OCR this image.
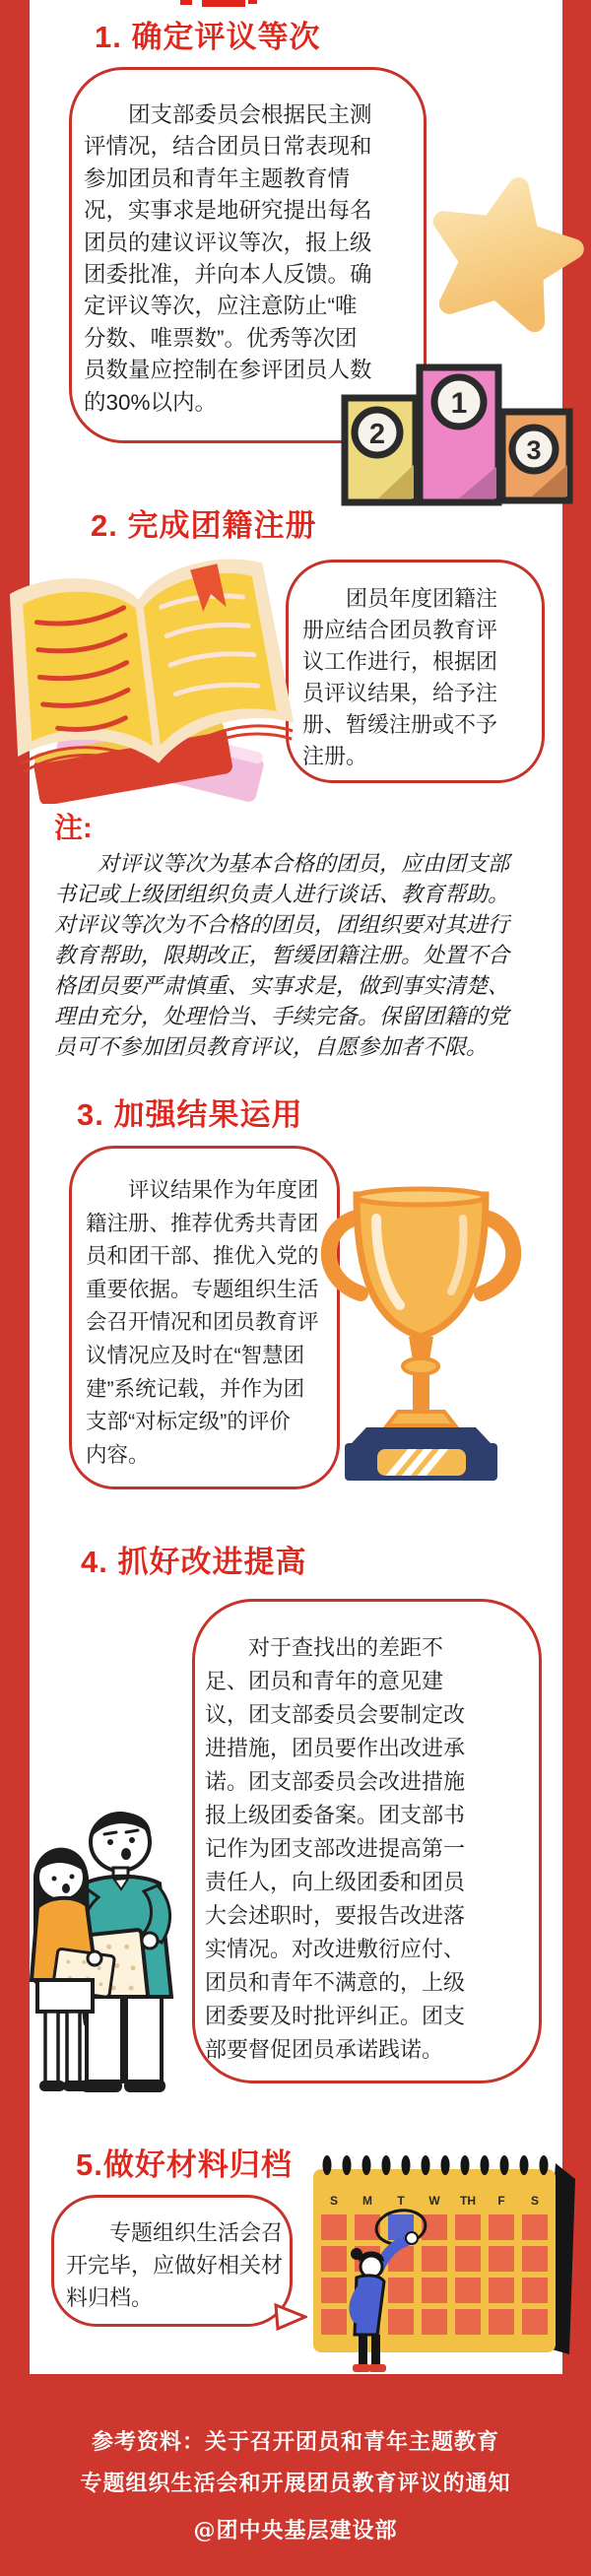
1. 确定评议等次
　　团支部委员会根据民主测
评情况，结合团员日常表现和
参加团员和青年主题教育情
况，实事求是地研究提出每名
团员的建议评议等次，报上级
团委批准，并向本人反馈。确
定评议等次，应注意防止“唯
分数、唯票数”。优秀等次团
员数量应控制在参评团员人数
的30%以内。	1
2	3
2. 完成团籍注册
　　团员年度团籍注
册应结合团员教育评
议工作进行，根据团
员评议结果，给予注
册、暂缓注册或不予
注册。
注:
　　对评议等次为基本合格的团员，应由团支部
书记或上级团组织负责人进行谈话、教育帮助。
对评议等次为不合格的团员，团组织要对其进行
教育帮助，限期改正，暂缓团籍注册。处置不合
格团员要严肃慎重、实事求是，做到事实清楚、
理由充分，处理恰当、手续完备。保留团籍的党
员可不参加团员教育评议，自愿参加者不限。
3. 加强结果运用
　　评议结果作为年度团
籍注册、推荐优秀共青团
员和团干部、推优入党的
重要依据。专题组织生活
会召开情况和团员教育评
议情况应及时在“智慧团
建”系统记载，并作为团
支部“对标定级”的评价
内容。
4. 抓好改进提高
　　对于查找出的差距不
足、团员和青年的意见建
议，团支部委员会要制定改
进措施，团员要作出改进承
诺。团支部委员会改进措施
报上级团委备案。团支部书
记作为团支部改进提高第一
责任人，向上级团委和团员
大会述职时，要报告改进落
实情况。对改进敷衍应付、
团员和青年不满意的，上级
团委要及时批评纠正。团支
部要督促团员承诺践诺。
5.做好材料归档
　　专题组织生活会召
开完毕，应做好相关材
料归档。
S M T W TH F S
参考资料：关于召开团员和青年主题教育
专题组织生活会和开展团员教育评议的通知
@团中央基层建设部
